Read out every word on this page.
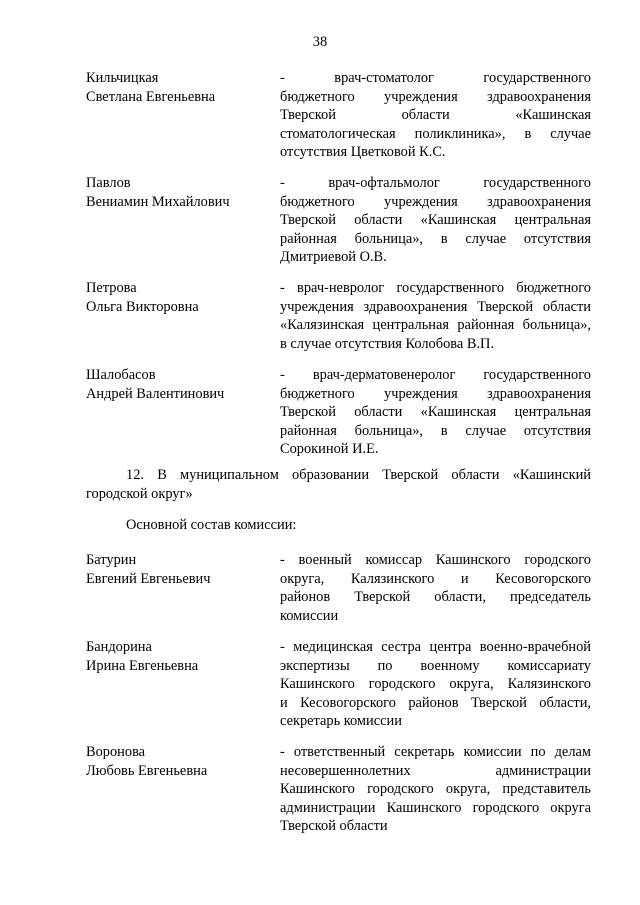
38
Кильчицкая
Светлана Евгеньевна
- врач-стоматолог государственного
бюджетного учреждения здравоохранения
Тверской области «Кашинская
стоматологическая поликлиника», в случае
отсутствия Цветковой К.С.
Павлов
Вениамин Михайлович
- врач-офтальмолог государственного
бюджетного учреждения здравоохранения
Тверской области «Кашинская центральная
районная больница», в случае отсутствия
Дмитриевой О.В.
Петрова
Ольга Викторовна
- врач-невролог государственного бюджетного
учреждения здравоохранения Тверской области
«Калязинская центральная районная больница»,
в случае отсутствия Колобова В.П.
Шалобасов
Андрей Валентинович
- врач-дерматовенеролог государственного
бюджетного учреждения здравоохранения
Тверской области «Кашинская центральная
районная больница», в случае отсутствия
Сорокиной И.Е.
Батурин
Евгений Евгеньевич
- военный комиссар Кашинского городского
округа, Калязинского и Кесовогорского
районов Тверской области, председатель
комиссии
Бандорина
Ирина Евгеньевна
- медицинская сестра центра военно-врачебной
экспертизы по военному комиссариату
Кашинского городского округа, Калязинского
и Кесовогорского районов Тверской области,
секретарь комиссии
Воронова
Любовь Евгеньевна
- ответственный секретарь комиссии по делам
несовершеннолетних администрации
Кашинского городского округа, представитель
администрации Кашинского городского округа
Тверской области
12. В муниципальном образовании Тверской области «Кашинский
городской округ»
Основной состав комиссии:
